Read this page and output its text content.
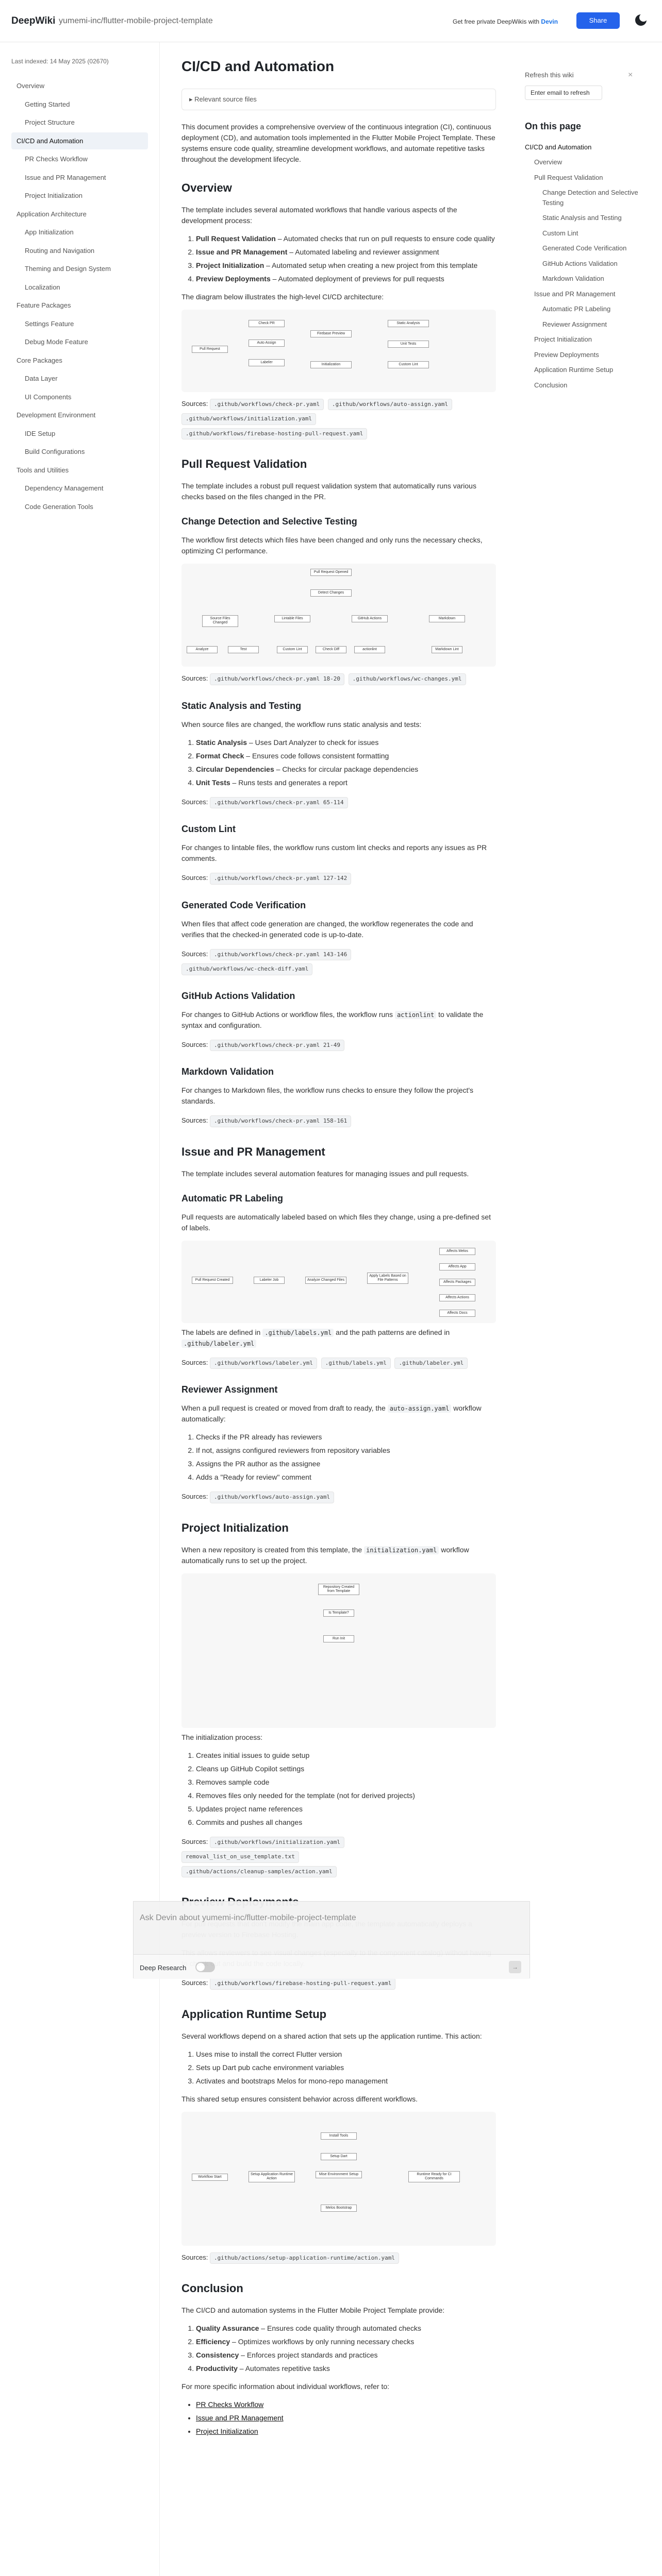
DeepWiki yumemi-inc/flutter-mobile-project-template	Get free private DeepWikis with Devin	Share
Last indexed: 14 May 2025 (02670)
Overview
Getting Started
Project Structure
CI/CD and Automation
PR Checks Workflow
Issue and PR Management
Project Initialization
Application Architecture
App Initialization
Routing and Navigation
Theming and Design System
Localization
Feature Packages
Settings Feature
Debug Mode Feature
Core Packages
Data Layer
UI Components
Development Environment
IDE Setup
Build Configurations
Tools and Utilities
Dependency Management
Code Generation Tools
CI/CD and Automation
▸ Relevant source files

This document provides a comprehensive overview of the continuous integration (CI), continuous deployment (CD), and automation tools implemented in the Flutter Mobile Project Template. These systems ensure code quality, streamline development workflows, and automate repetitive tasks throughout the development lifecycle.

Overview

The template includes several automated workflows that handle various aspects of the development process:

1. Pull Request Validation – Automated checks that run on pull requests to ensure code quality
2. Issue and PR Management – Automated labeling and reviewer assignment
3. Project Initialization – Automated setup when creating a new project from this template
4. Preview Deployments – Automated deployment of previews for pull requests

The diagram below illustrates the high-level CI/CD architecture:

Pull Request
Check PR
Auto Assign
Labeler
Firebase Preview
Initialization
Static Analysis
Unit Tests
Custom Lint
Sources: .github/workflows/check-pr.yaml .github/workflows/auto-assign.yaml .github/workflows/initialization.yaml .github/workflows/firebase-hosting-pull-request.yaml
Pull Request Validation

The template includes a robust pull request validation system that automatically runs various checks based on the files changed in the PR.

Change Detection and Selective Testing

The workflow first detects which files have been changed and only runs the necessary checks, optimizing CI performance.

Pull Request Opened
Detect Changes
Source Files Changed
Lintable Files	GitHub Actions	Markdown
Analyze	Test	Custom Lint	actionlint	Markdown Lint
Check Diff
Sources: .github/workflows/check-pr.yaml 18-20 .github/workflows/wc-changes.yml
Static Analysis and Testing

When source files are changed, the workflow runs static analysis and tests:

1. Static Analysis – Uses Dart Analyzer to check for issues
2. Format Check – Ensures code follows consistent formatting
3. Circular Dependencies – Checks for circular package dependencies
4. Unit Tests – Runs tests and generates a report
Sources: .github/workflows/check-pr.yaml 65-114
Custom Lint

For changes to lintable files, the workflow runs custom lint checks and reports any issues as PR comments.

Sources: .github/workflows/check-pr.yaml 127-142
Generated Code Verification

When files that affect code generation are changed, the workflow regenerates the code and verifies that the checked-in generated code is up-to-date.

Sources: .github/workflows/check-pr.yaml 143-146
.github/workflows/wc-check-diff.yaml
GitHub Actions Validation

For changes to GitHub Actions or workflow files, the workflow runs actionlint to validate the syntax and configuration.

Sources: .github/workflows/check-pr.yaml 21-49
Markdown Validation

For changes to Markdown files, the workflow runs checks to ensure they follow the project's standards.

Sources: .github/workflows/check-pr.yaml 158-161
Issue and PR Management

The template includes several automation features for managing issues and pull requests.

Automatic PR Labeling

Pull requests are automatically labeled based on which files they change, using a pre-defined set of labels.

Pull Request Created	Labeler Job	Analyze Changed Files
Apply Labels Based on File Patterns
Affects Melos
Affects App
Affects Packages
Affects Actions
Affects Docs

The labels are defined in .github/labels.yml and the path patterns are defined in .github/labeler.yml

Sources: .github/workflows/labeler.yml .github/labels.yml .github/labeler.yml
Reviewer Assignment

When a pull request is created or moved from draft to ready, the auto-assign.yaml workflow automatically:

1. Checks if the PR already has reviewers
2. If not, assigns configured reviewers from repository variables
3. Assigns the PR author as the assignee
4. Adds a "Ready for review" comment
Sources: .github/workflows/auto-assign.yaml
Project Initialization

When a new repository is created from this template, the initialization.yaml workflow automatically runs to set up the project.

Repository Created from Template
Is Template?
Run Init

The initialization process:

1. Creates initial issues to guide setup
2. Cleans up GitHub Copilot settings
3. Removes sample code
4. Removes files only needed for the template (not for derived projects)
5. Updates project name references
6. Commits and pushes all changes
Sources: .github/workflows/initialization.yaml
removal_list_on_use_template.txt
.github/actions/cleanup-samples/action.yaml

Sources: .github/workflows/firebase-hosting-pull-request.yaml
Application Runtime Setup

Several workflows depend on a shared action that sets up the application runtime. This action:

1. Uses mise to install the correct Flutter version
2. Sets up Dart pub cache environment variables
3. Activates and bootstraps Melos for mono-repo management

This shared setup ensures consistent behavior across different workflows.

Workflow Start
Setup Application Runtime Action
Mise Environment Setup
Install Tools
Setup Dart
Melos Bootstrap
Runtime Ready for CI Commands
Sources: .github/actions/setup-application-runtime/action.yaml
Conclusion

The CI/CD and automation systems in the Flutter Mobile Project Template provide:

1. Quality Assurance – Ensures code quality through automated checks
2. Efficiency – Optimizes workflows by only running necessary checks
3. Consistency – Enforces project standards and practices
4. Productivity – Automates repetitive tasks

For more specific information about individual workflows, refer to:

• PR Checks Workflow
• Issue and PR Management
• Project Initialization
Ask Devin about yumemi-inc/flutter-mobile-project-template
Deep Research	→
Refresh this wiki	×
Enter email to refresh
On this page
CI/CD and Automation
Overview
Pull Request Validation
Change Detection and Selective Testing
Static Analysis and Testing
Custom Lint
Generated Code Verification
GitHub Actions Validation
Markdown Validation
Issue and PR Management
Automatic PR Labeling
Reviewer Assignment
Project Initialization
Preview Deployments
Application Runtime Setup
Conclusion
